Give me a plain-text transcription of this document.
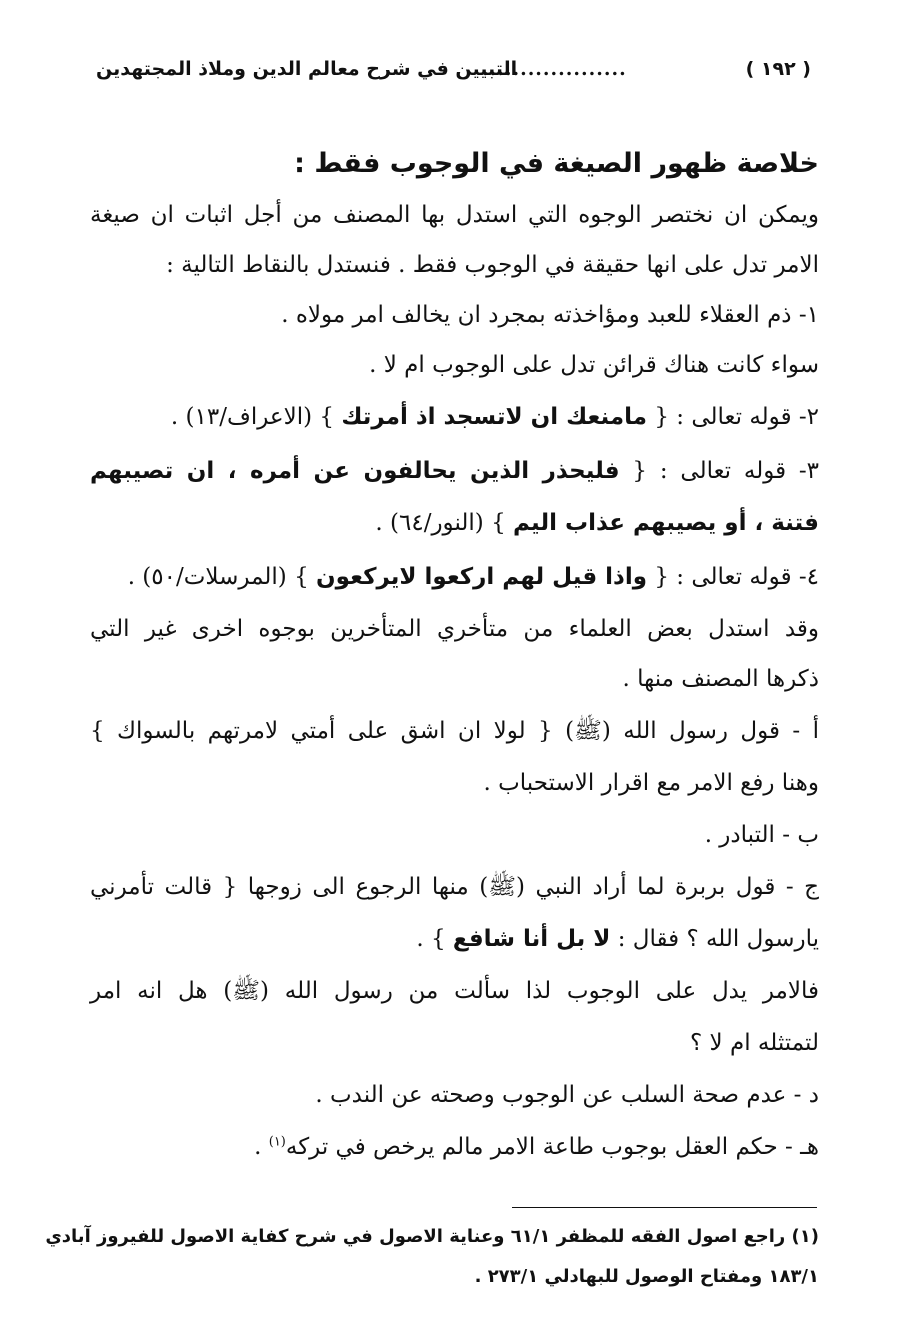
( ١٩٢ )
...................
التبيين في شرح معالم الدين وملاذ المجتهدين
خلاصة ظهور الصيغة في الوجوب فقط :
ويمكن ان نختصر الوجوه التي استدل بها المصنف من أجل اثبات ان صيغة
الامر تدل على انها حقيقة في الوجوب فقط . فنستدل بالنقاط التالية :
١- ذم العقلاء للعبد ومؤاخذته بمجرد ان يخالف امر مولاه .
سواء كانت هناك قرائن تدل على الوجوب ام لا .
٢- قوله تعالى : { مامنعك ان لاتسجد اذ أمرتك } (الاعراف/١٣) .
٣- قوله تعالى : { فليحذر الذين يحالفون عن أمره ، ان تصيبهم
فتنة ، أو يصيبهم عذاب اليم } (النور/٦٤) .
٤- قوله تعالى : { واذا قيل لهم اركعوا لايركعون } (المرسلات/٥٠) .
وقد استدل بعض العلماء من متأخري المتأخرين بوجوه اخرى غير التي
ذكرها المصنف منها .
أ - قول رسول الله (ﷺ) { لولا ان اشق على أمتي لامرتهم بالسواك }
وهنا رفع الامر مع اقرار الاستحباب .
ب - التبادر .
ج - قول بربرة لما أراد النبي (ﷺ) منها الرجوع الى زوجها { قالت تأمرني
يارسول الله ؟ فقال : لا بل أنا شافع } .
فالامر يدل على الوجوب لذا سألت من رسول الله (ﷺ) هل انه امر
لتمتثله ام لا ؟
د - عدم صحة السلب عن الوجوب وصحته عن الندب .
هـ - حكم العقل بوجوب طاعة الامر مالم يرخص في تركه$^{(١)}$ .
(١) راجع اصول الفقه للمظفر ٦١/١ وعناية الاصول في شرح كفاية الاصول للفيروز آبادي
١٨٣/١ ومفتاح الوصول للبهادلي ٢٧٣/١ .
